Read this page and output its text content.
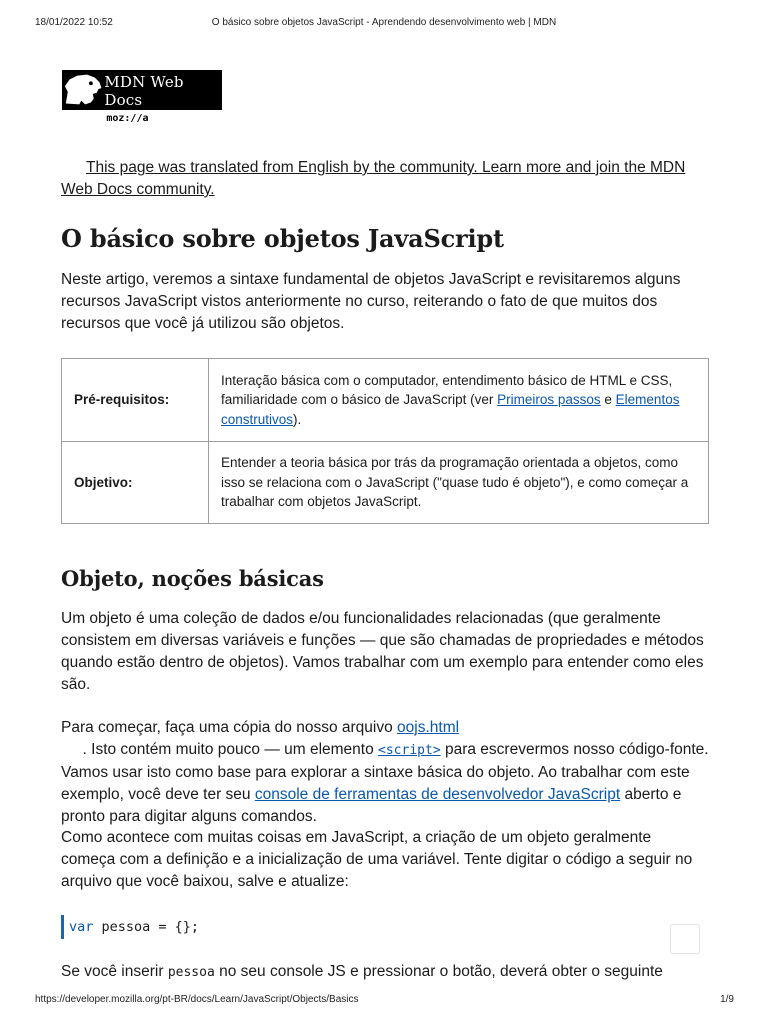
18/01/2022 10:52	O básico sobre objetos JavaScript - Aprendendo desenvolvimento web | MDN
MDN Web Docs
moz://a
This page was translated from English by the community. Learn more and join the MDN Web Docs community.
O básico sobre objetos JavaScript

Neste artigo, veremos a sintaxe fundamental de objetos JavaScript e revisitaremos alguns recursos JavaScript vistos anteriormente no curso, reiterando o fato de que muitos dos recursos que você já utilizou são objetos.

Pré-requisitos:	Interação básica com o computador, entendimento básico de HTML e CSS, familiaridade com o básico de JavaScript (ver Primeiros passos e Elementos construtivos).
Objetivo:	Entender a teoria básica por trás da programação orientada a objetos, como isso se relaciona com o JavaScript ("quase tudo é objeto"), e como começar a trabalhar com objetos JavaScript.
Objeto, noções básicas

Um objeto é uma coleção de dados e/ou funcionalidades relacionadas (que geralmente consistem em diversas variáveis e funções — que são chamadas de propriedades e métodos quando estão dentro de objetos). Vamos trabalhar com um exemplo para entender como eles são.

Para começar, faça uma cópia do nosso arquivo oojs.html     . Isto contém muito pouco — um elemento <script> para escrevermos nosso código-fonte. Vamos usar isto como base para explorar a sintaxe básica do objeto. Ao trabalhar com este exemplo, você deve ter seu console de ferramentas de desenvolvedor JavaScript aberto e pronto para digitar alguns comandos.

Como acontece com muitas coisas em JavaScript, a criação de um objeto geralmente começa com a definição e a inicialização de uma variável. Tente digitar o código a seguir no arquivo que você baixou, salve e atualize:

var pessoa = {};

Se você inserir pessoa no seu console JS e pressionar o botão, deverá obter o seguinte

https://developer.mozilla.org/pt-BR/docs/Learn/JavaScript/Objects/Basics	1/9
